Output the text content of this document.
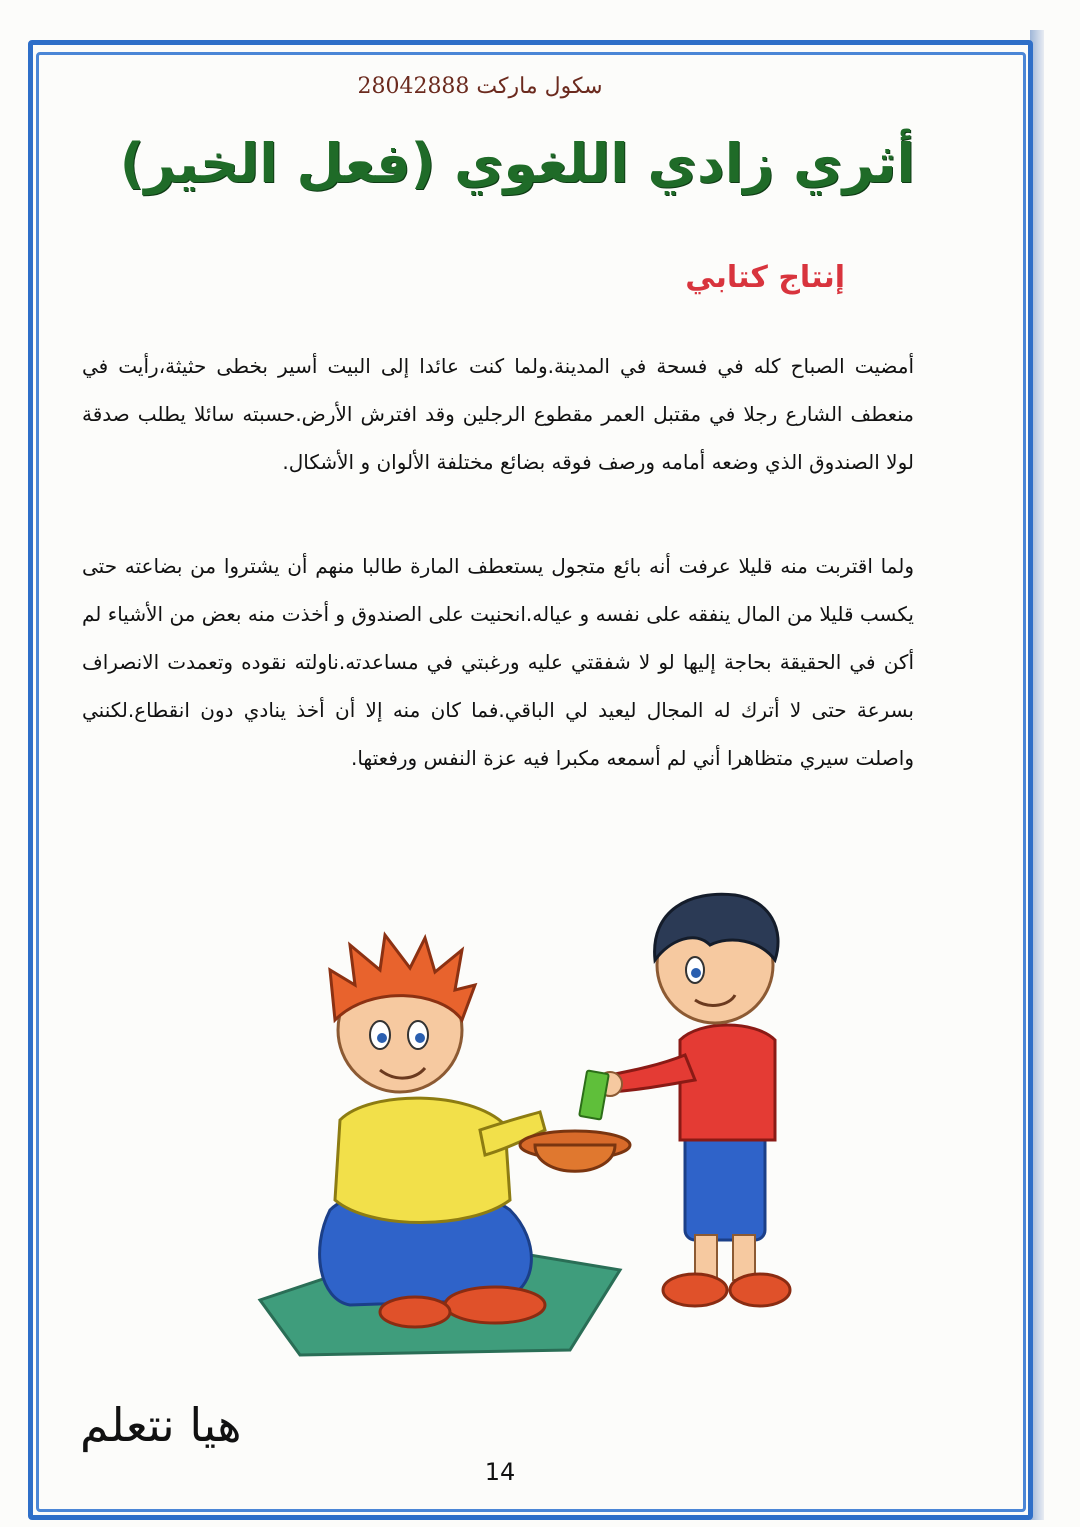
سكول ماركت 28042888
أثري زادي اللغوي (فعل الخير)
إنتاج كتابي

أمضيت الصباح كله في فسحة في المدينة.ولما كنت عائدا إلى البيت أسير بخطى حثيثة،رأيت في منعطف الشارع رجلا في مقتبل العمر مقطوع الرجلين وقد افترش الأرض.حسبته سائلا يطلب صدقة لولا الصندوق الذي وضعه أمامه ورصف فوقه بضائع مختلفة الألوان و الأشكال.

ولما اقتربت منه قليلا عرفت أنه بائع متجول يستعطف المارة طالبا منهم أن يشتروا من بضاعته حتى يكسب قليلا من المال ينفقه على نفسه و عياله.انحنيت على الصندوق و أخذت منه بعض من الأشياء لم أكن في الحقيقة بحاجة إليها لو لا شفقتي عليه ورغبتي في مساعدته.ناولته نقوده وتعمدت الانصراف بسرعة حتى لا أترك له المجال ليعيد لي الباقي.فما كان منه إلا أن أخذ ينادي دون انقطاع.لكنني واصلت سيري متظاهرا أني لم أسمعه مكبرا فيه عزة النفس ورفعتها.

هيا نتعلم
14
